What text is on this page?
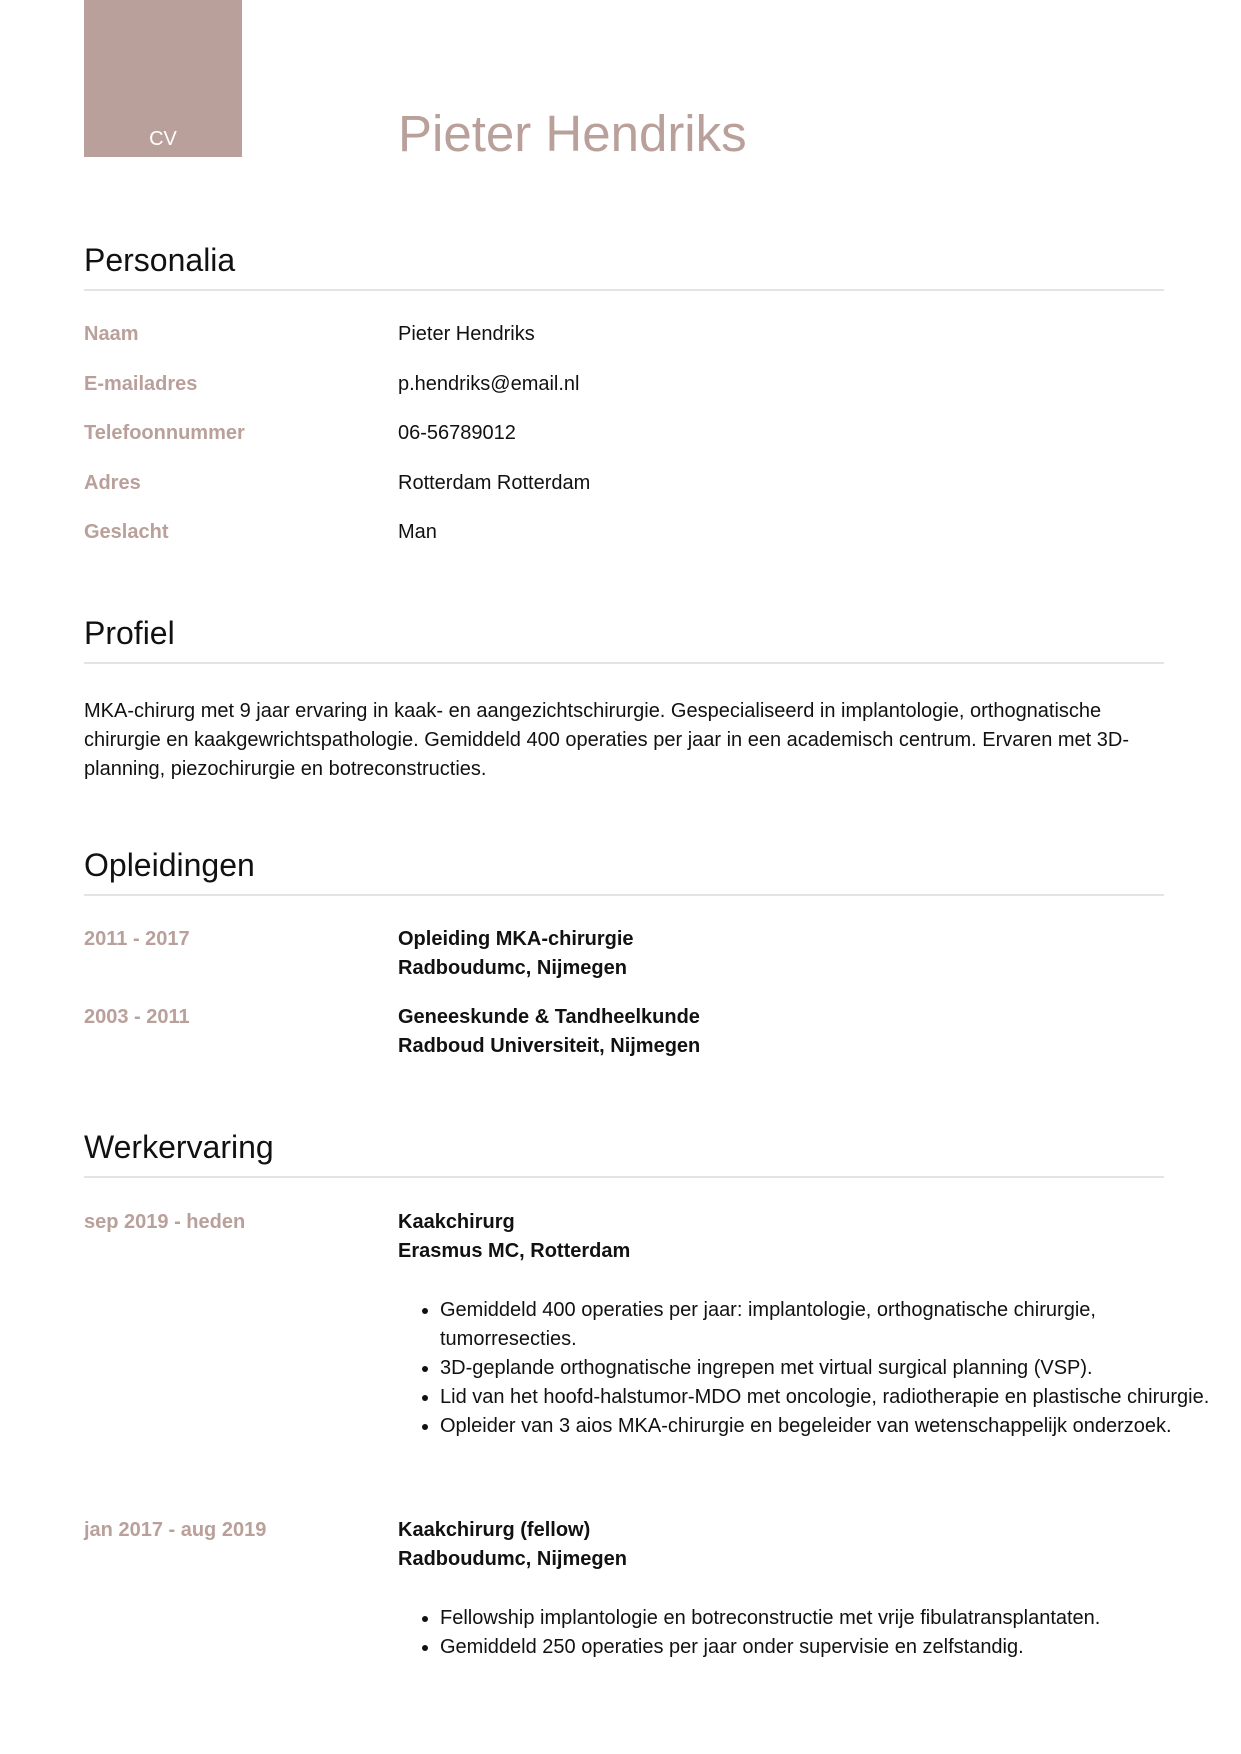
CV	Pieter Hendriks
Personalia
Naam	Pieter Hendriks
E-mailadres	p.hendriks@email.nl
Telefoonnummer	06-56789012
Adres	Rotterdam Rotterdam
Geslacht	Man
Profiel
MKA-chirurg met 9 jaar ervaring in kaak- en aangezichtschirurgie. Gespecialiseerd in implantologie, orthognatische chirurgie en kaakgewrichtspathologie. Gemiddeld 400 operaties per jaar in een academisch centrum. Ervaren met 3D-planning, piezochirurgie en botreconstructies.
Opleidingen
2011 - 2017	Opleiding MKA-chirurgie
Radboudumc, Nijmegen
2003 - 2011	Geneeskunde & Tandheelkunde
Radboud Universiteit, Nijmegen
Werkervaring
sep 2019 - heden	Kaakchirurg
Erasmus MC, Rotterdam
• Gemiddeld 400 operaties per jaar: implantologie, orthognatische chirurgie, tumorresecties.
• 3D-geplande orthognatische ingrepen met virtual surgical planning (VSP).
• Lid van het hoofd-halstumor-MDO met oncologie, radiotherapie en plastische chirurgie.
• Opleider van 3 aios MKA-chirurgie en begeleider van wetenschappelijk onderzoek.
jan 2017 - aug 2019	Kaakchirurg (fellow)
Radboudumc, Nijmegen
• Fellowship implantologie en botreconstructie met vrije fibulatransplantaten.
• Gemiddeld 250 operaties per jaar onder supervisie en zelfstandig.
